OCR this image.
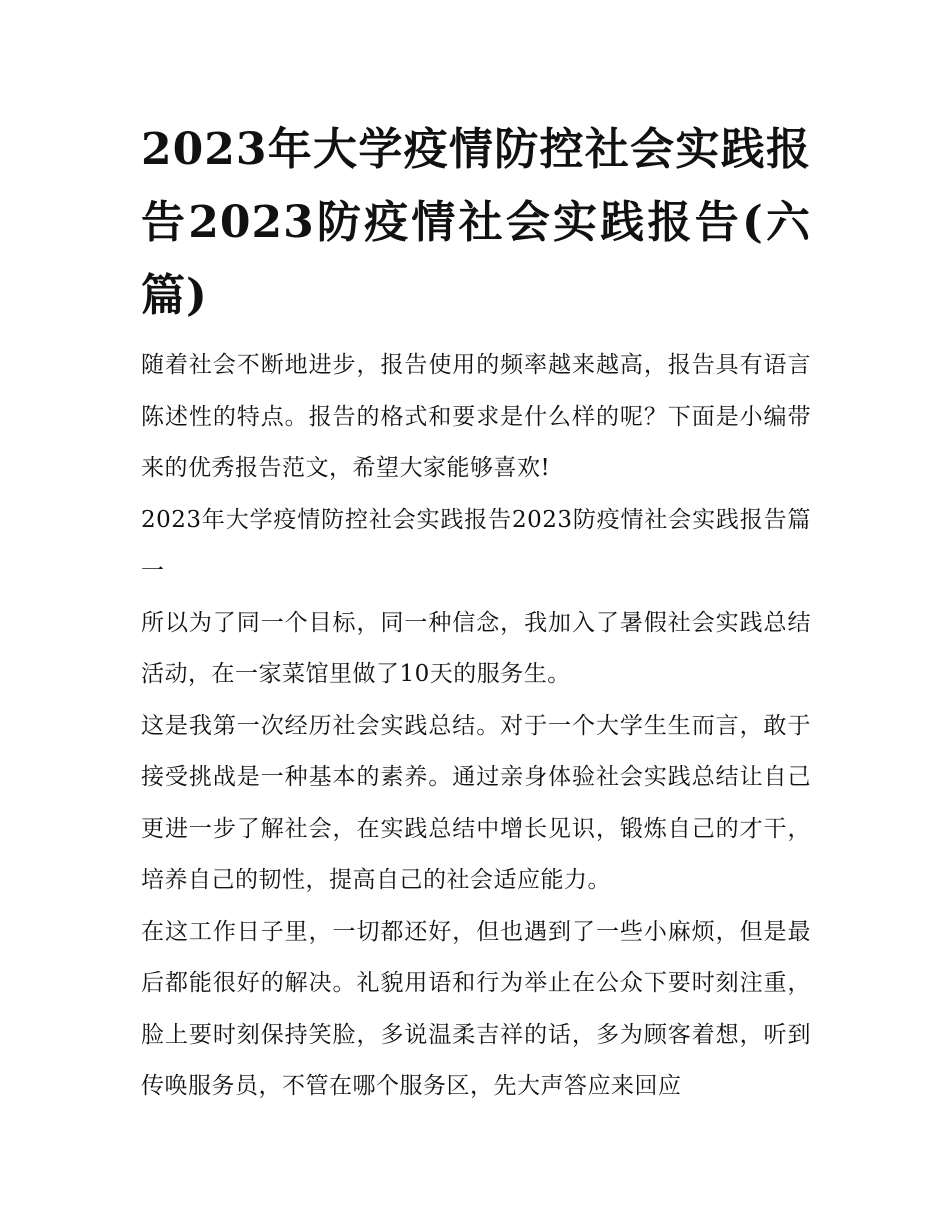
2023年大学疫情防控社会实践报告2023防疫情社会实践报告(六篇)

随着社会不断地进步，报告使用的频率越来越高，报告具有语言陈述性的特点。报告的格式和要求是什么样的呢？下面是小编带来的优秀报告范文，希望大家能够喜欢!

2023年大学疫情防控社会实践报告2023防疫情社会实践报告篇一

所以为了同一个目标，同一种信念，我加入了暑假社会实践总结活动，在一家菜馆里做了10天的服务生。

这是我第一次经历社会实践总结。对于一个大学生生而言，敢于接受挑战是一种基本的素养。通过亲身体验社会实践总结让自己更进一步了解社会，在实践总结中增长见识，锻炼自己的才干，培养自己的韧性，提高自己的社会适应能力。

在这工作日子里，一切都还好，但也遇到了一些小麻烦，但是最后都能很好的解决。礼貌用语和行为举止在公众下要时刻注重，脸上要时刻保持笑脸，多说温柔吉祥的话，多为顾客着想，听到传唤服务员，不管在哪个服务区，先大声答应来回应
